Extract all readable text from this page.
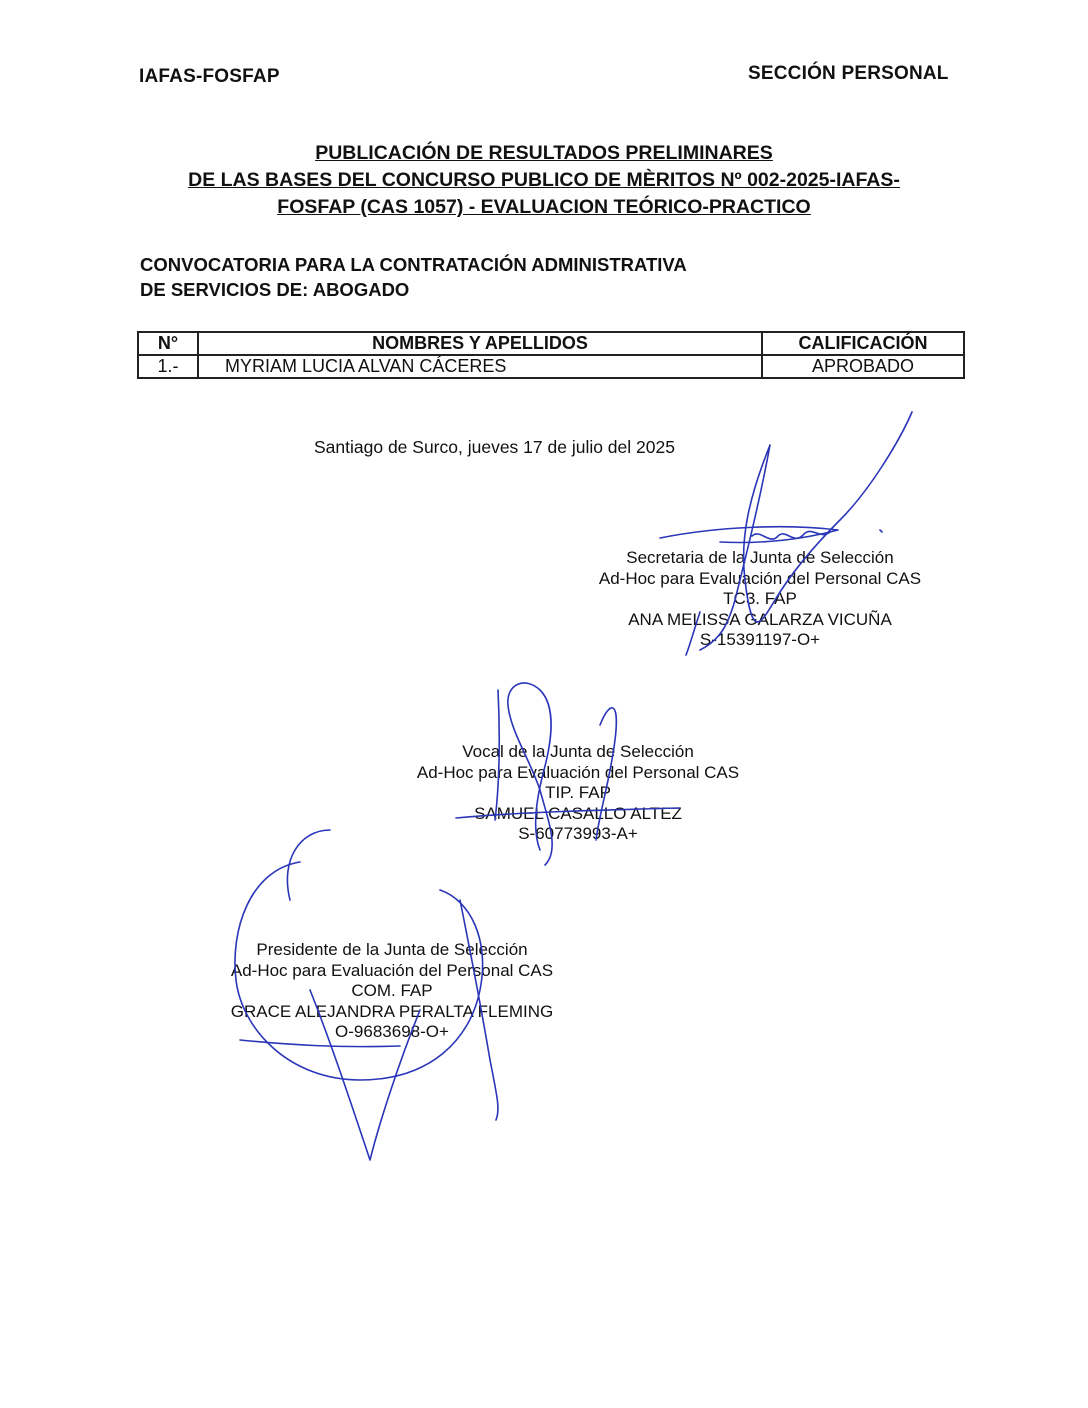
IAFAS-FOSFAP	SECCIÓN PERSONAL
PUBLICACIÓN DE RESULTADOS PRELIMINARES
DE LAS BASES DEL CONCURSO PUBLICO DE MÈRITOS Nº 002-2025-IAFAS-
FOSFAP (CAS 1057) - EVALUACION TEÓRICO-PRACTICO
CONVOCATORIA PARA LA CONTRATACIÓN ADMINISTRATIVA
DE SERVICIOS DE: ABOGADO
N°	NOMBRES Y APELLIDOS	CALIFICACIÓN
1.-	MYRIAM LUCIA ALVAN CÁCERES	APROBADO
Santiago de Surco, jueves 17 de julio del 2025
Secretaria de la Junta de Selección
Ad-Hoc para Evaluación del Personal CAS
TC3. FAP
ANA MELISSA GALARZA VICUÑA
S-15391197-O+
Vocal de la Junta de Selección
Ad-Hoc para Evaluación del Personal CAS
TIP. FAP
SAMUEL CASALLO ALTEZ
S-60773993-A+
Presidente de la Junta de Selección
Ad-Hoc para Evaluación del Personal CAS
COM. FAP
GRACE ALEJANDRA PERALTA FLEMING
O-9683698-O+
